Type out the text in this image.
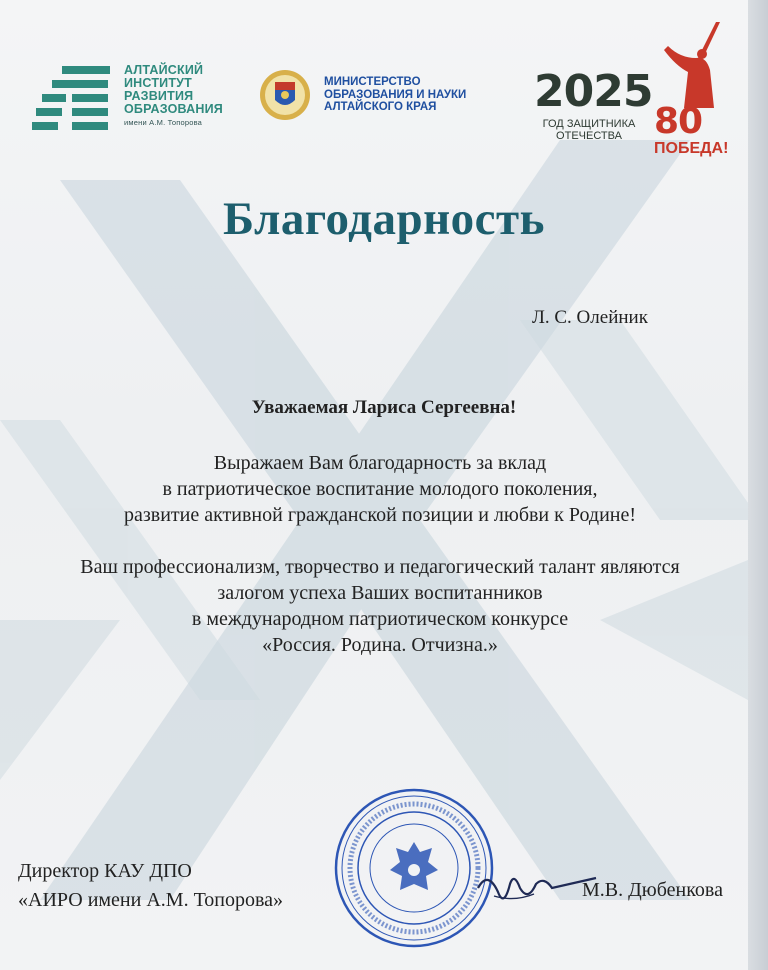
АЛТАЙСКИЙ
ИНСТИТУТ
РАЗВИТИЯ
ОБРАЗОВАНИЯ
имени А.М. Топорова
МИНИСТЕРСТВО
ОБРАЗОВАНИЯ И НАУКИ
АЛТАЙСКОГО КРАЯ	2025
ГОД ЗАЩИТНИКА
ОТЕЧЕСТВА 80
ПОБЕДА!
Благодарность
Л. С. Олейник
Уважаемая Лариса Сергеевна!
Выражаем Вам благодарность за вклад
в патриотическое воспитание молодого поколения,
развитие активной гражданской позиции и любви к Родине!
Ваш профессионализм, творчество и педагогический талант являются
залогом успеха Ваших воспитанников
в международном патриотическом конкурсе
«Россия. Родина. Отчизна.»
Директор КАУ ДПО
«АИРО имени А.М. Топорова»	М.В. Дюбенкова
